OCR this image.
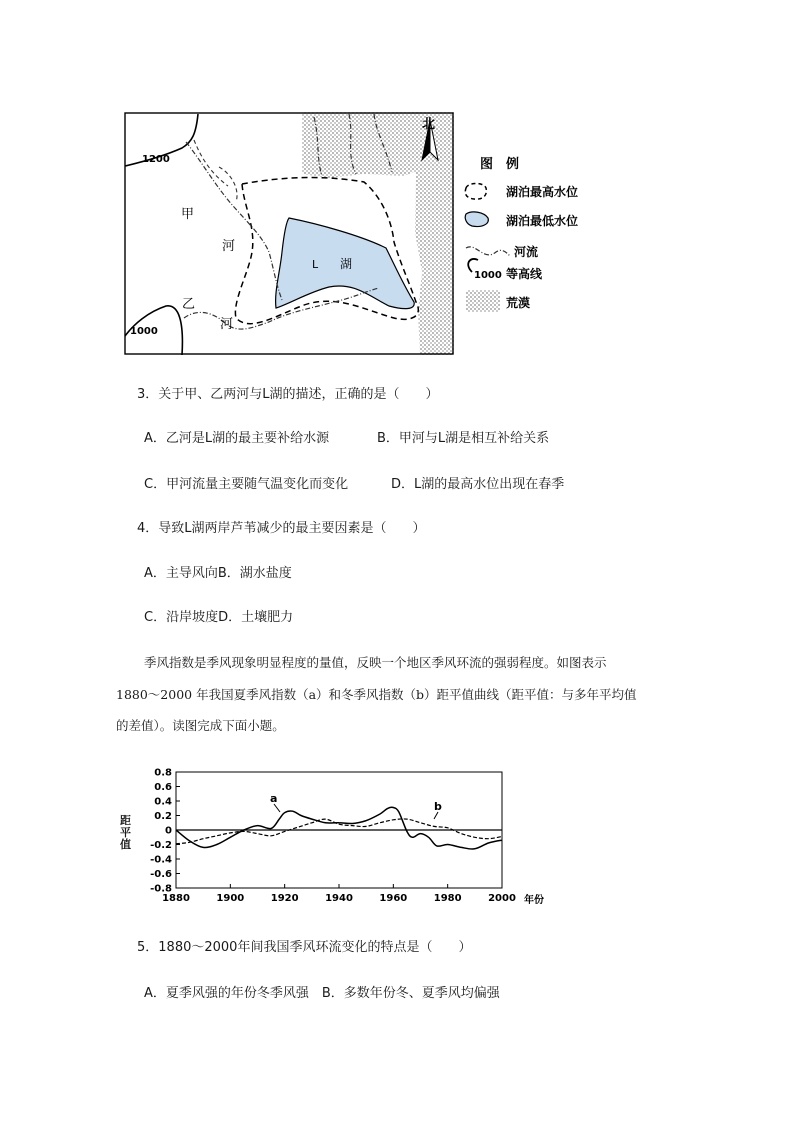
1200
1000
甲
河
乙
河
L 湖
北
图　例
湖泊最高水位
湖泊最低水位
河流
1000 等高线
荒漠
3．关于甲、乙两河与L湖的描述，正确的是（　　）
A．乙河是L湖的最主要补给水源	B．甲河与L湖是相互补给关系
C．甲河流量主要随气温变化而变化	D．L湖的最高水位出现在春季
4．导致L湖两岸芦苇减少的最主要因素是（　　）
A．主导风向B．湖水盐度
C．沿岸坡度D．土壤肥力
季风指数是季风现象明显程度的量值，反映一个地区季风环流的强弱程度。如图表示
1880～2000 年我国夏季风指数（a）和冬季风指数（b）距平值曲线（距平值：与多年平均值
的差值）。读图完成下面小题。
0.8
0.6
0.4
0.2
0
-0.2
-0.4
-0.6
-0.8
1880	1900	1920	1940	1960	1980	2000
a
b
年份
距平值
5．1880～2000年间我国季风环流变化的特点是（　　）
A．夏季风强的年份冬季风强　B．多数年份冬、夏季风均偏强
